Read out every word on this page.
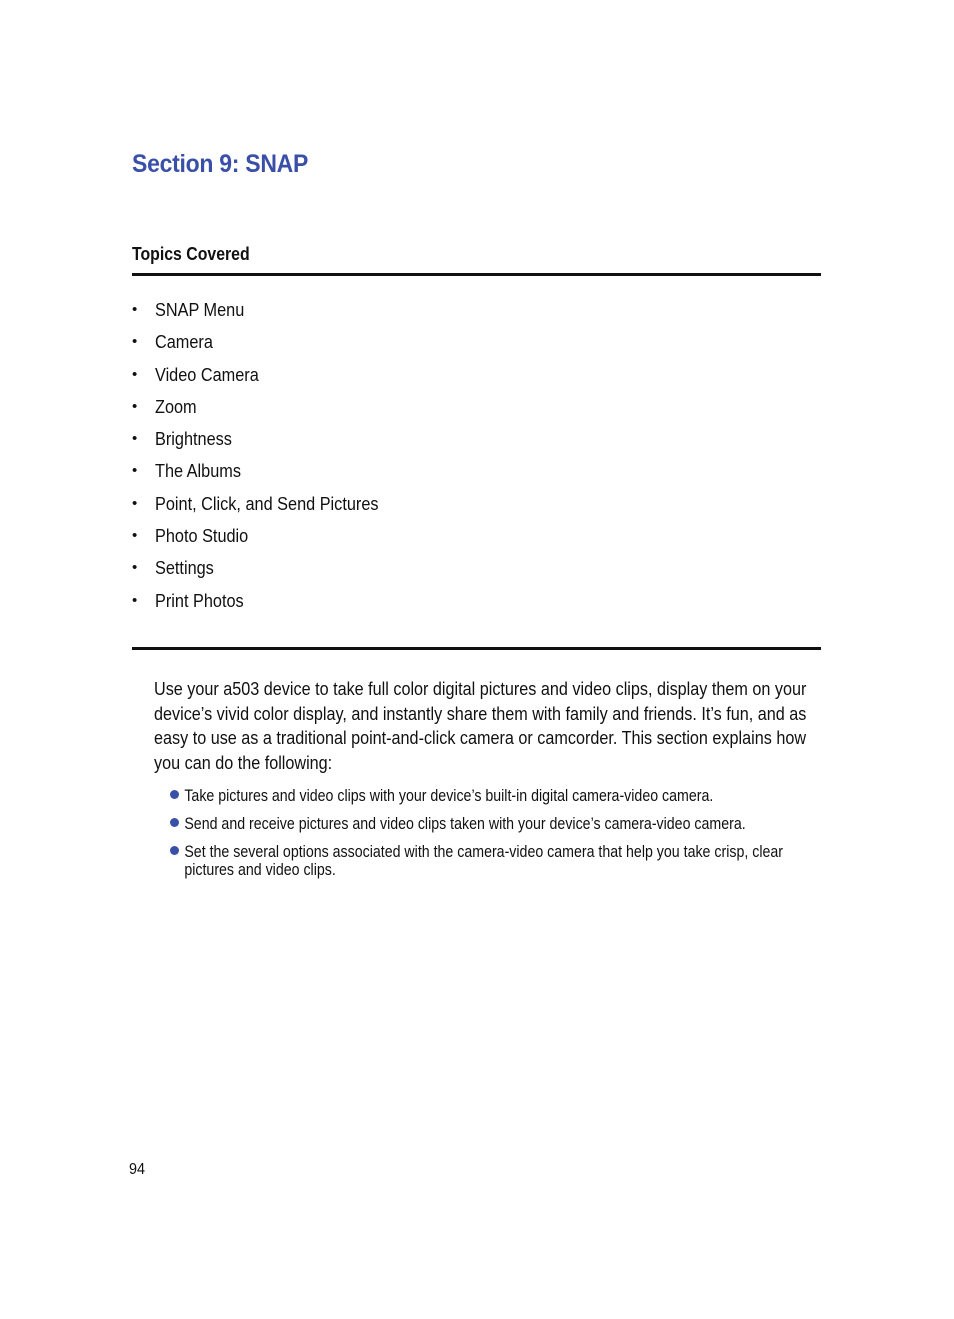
Section 9: SNAP
Topics Covered
• SNAP Menu
• Camera
• Video Camera
• Zoom
• Brightness
• The Albums
• Point, Click, and Send Pictures
• Photo Studio
• Settings
• Print Photos

Use your a503 device to take full color digital pictures and video clips, display them on your device’s vivid color display, and instantly share them with family and friends. It’s fun, and as easy to use as a traditional point-and-click camera or camcorder. This section explains how you can do the following:

Take pictures and video clips with your device’s built-in digital camera-video camera.
Send and receive pictures and video clips taken with your device’s camera-video camera.
Set the several options associated with the camera-video camera that help you take crisp, clear pictures and video clips.
94
